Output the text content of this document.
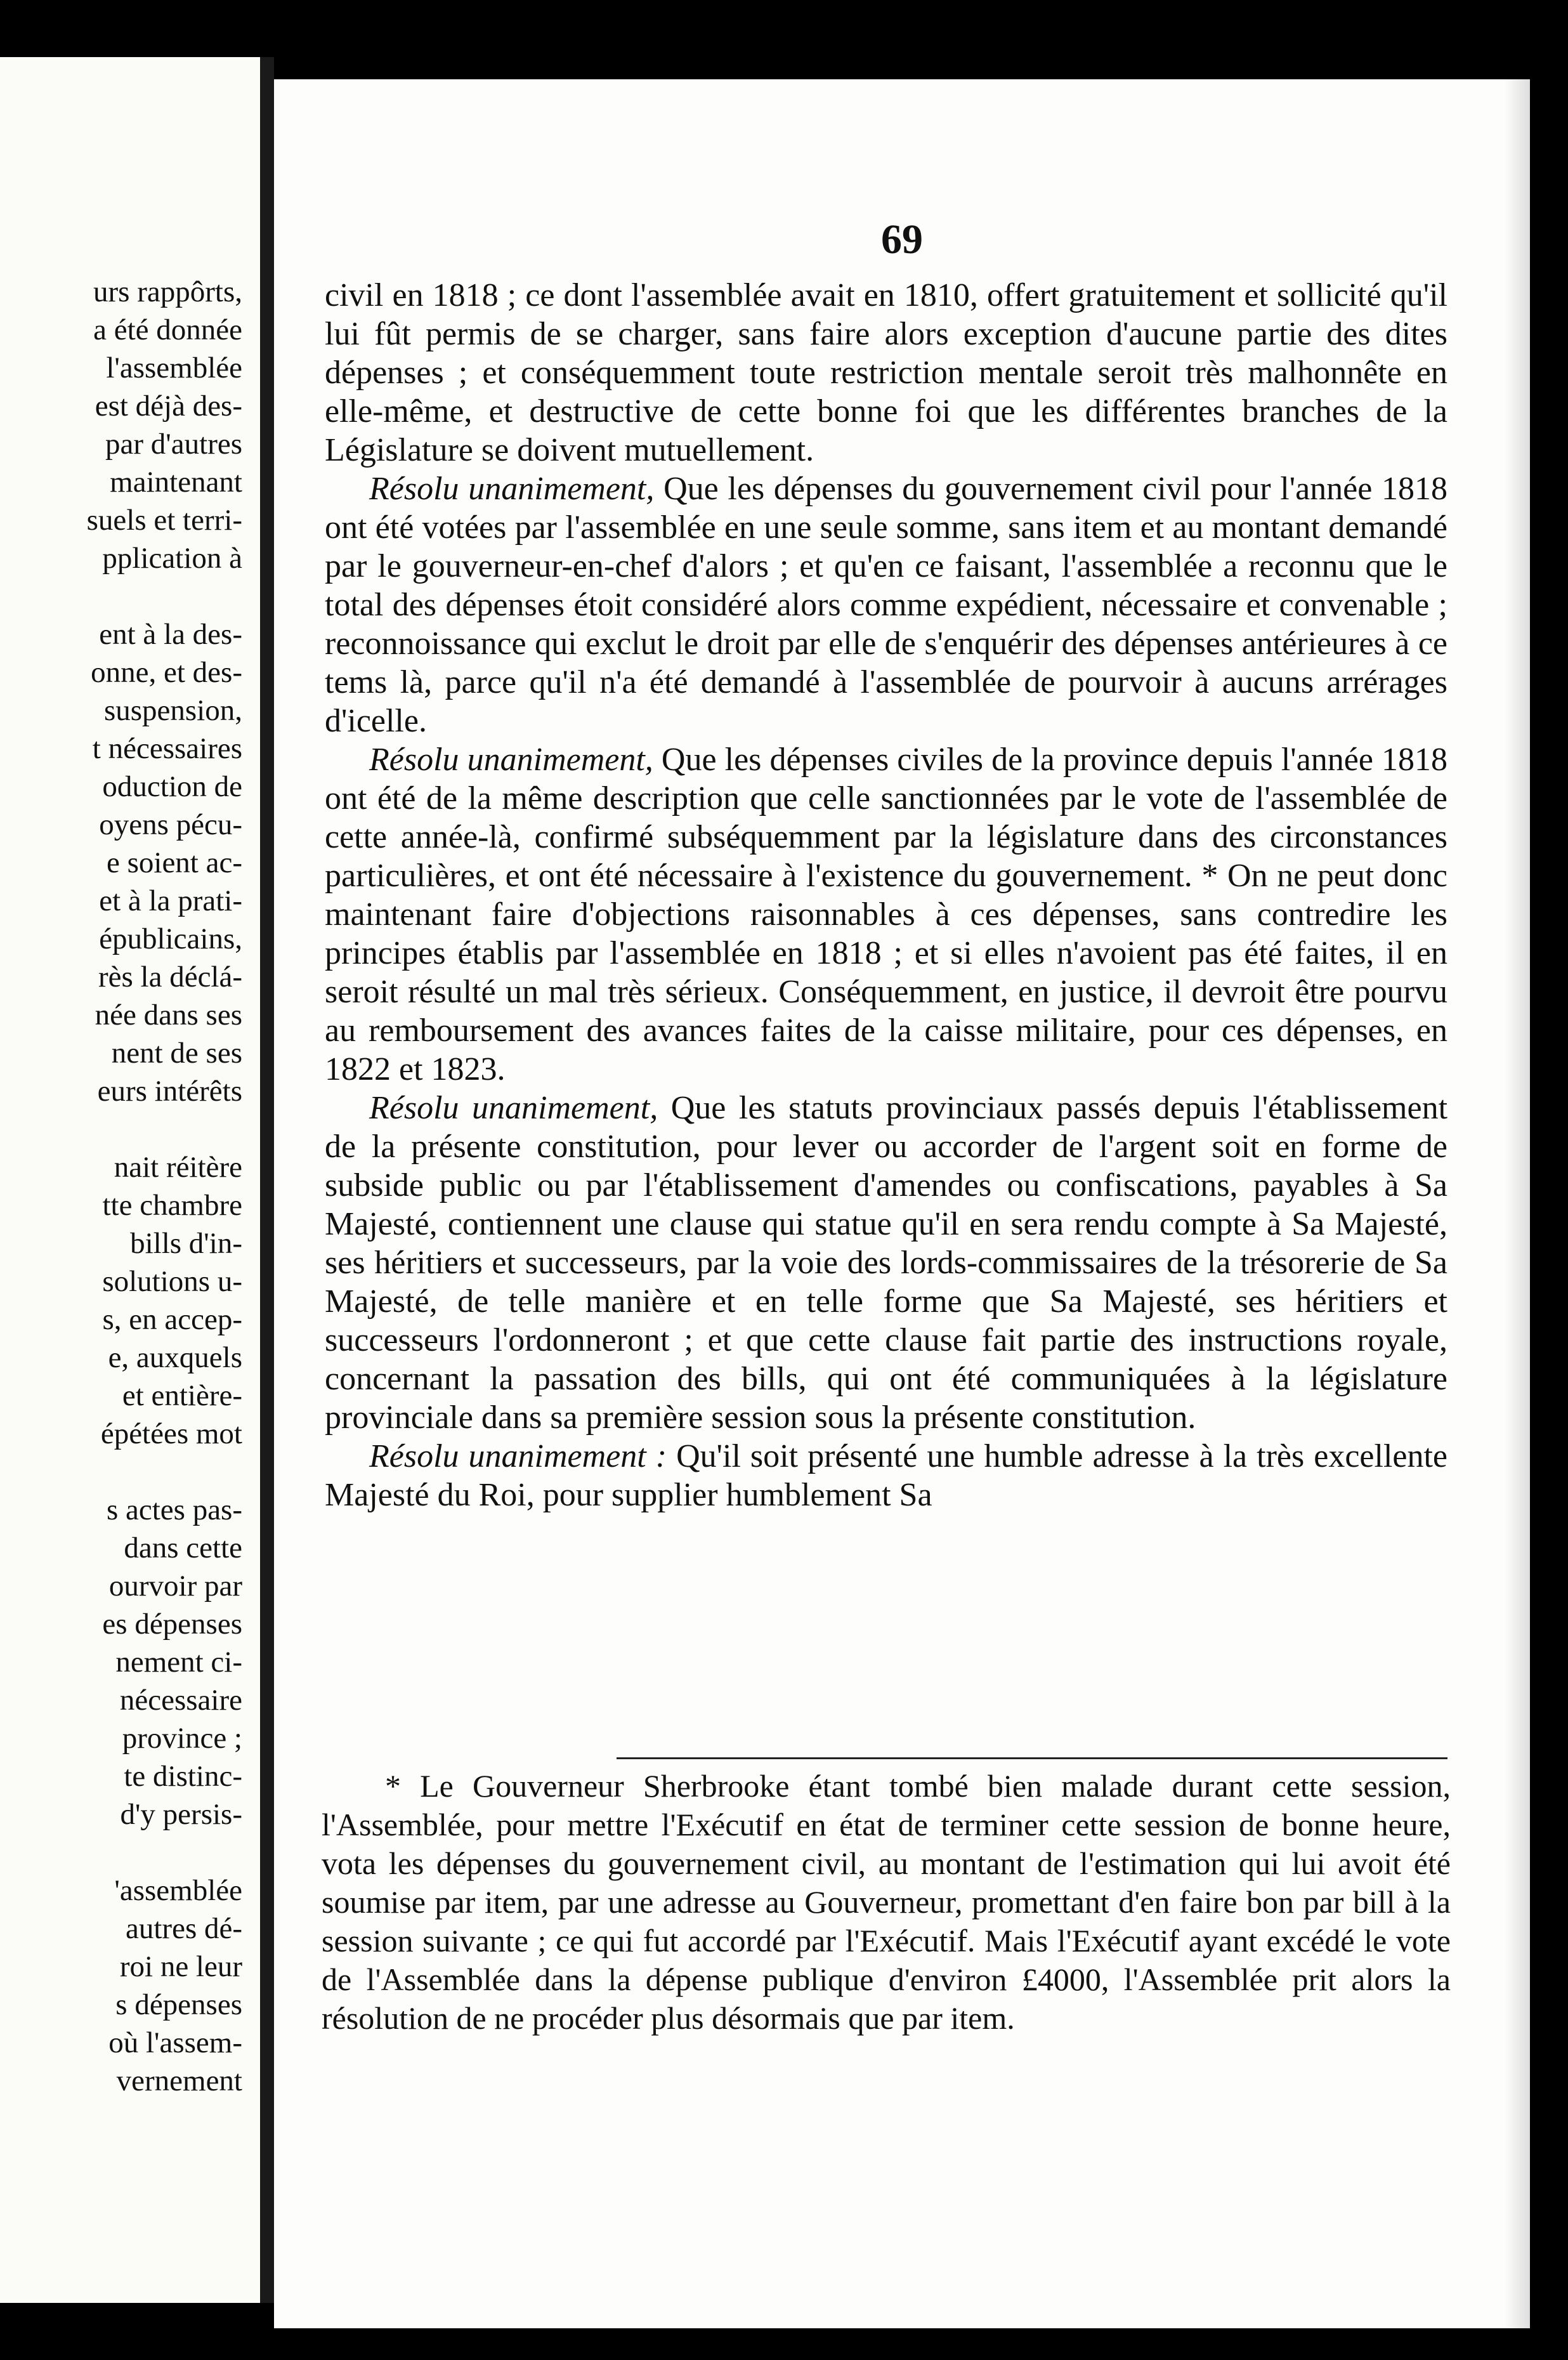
urs rappôrts,
a été donnée
l'assemblée
est déjà des-
par d'autres
maintenant
suels et terri-
pplication à
ent à la des-
onne, et des-
suspension,
t nécessaires
oduction de
oyens pécu-
e soient ac-
et à la prati-
épublicains,
rès la déclá-
née dans ses
nent de ses
eurs intérêts
nait réitère
tte chambre
bills d'in-
solutions u-
s, en accep-
e, auxquels
et entière-
épétées mot
s actes pas-
dans cette
ourvoir par
es dépenses
nement ci-
nécessaire
province ;
te distinc-
d'y persis-
'assemblée
autres dé-
roi ne leur
s dépenses
où l'assem-
vernement
69

civil en 1818 ; ce dont l'assemblée avait en 1810, offert gratuitement et sollicité qu'il lui fût permis de se charger, sans faire alors exception d'aucune partie des dites dépenses ; et conséquemment toute restriction mentale seroit très malhonnête en elle-même, et destructive de cette bonne foi que les différentes branches de la Législature se doivent mutuellement.

Résolu unanimement, Que les dépenses du gouvernement civil pour l'année 1818 ont été votées par l'assemblée en une seule somme, sans item et au montant demandé par le gouverneur-en-chef d'alors ; et qu'en ce faisant, l'assemblée a reconnu que le total des dépenses étoit considéré alors comme expédient, nécessaire et convenable ; reconnoissance qui exclut le droit par elle de s'enquérir des dépenses antérieures à ce tems là, parce qu'il n'a été demandé à l'assemblée de pourvoir à aucuns arrérages d'icelle.

Résolu unanimement, Que les dépenses civiles de la province depuis l'année 1818 ont été de la même description que celle sanctionnées par le vote de l'assemblée de cette année-là, confirmé subséquemment par la législature dans des circonstances particulières, et ont été nécessaire à l'existence du gouvernement. * On ne peut donc maintenant faire d'objections raisonnables à ces dépenses, sans contredire les principes établis par l'assemblée en 1818 ; et si elles n'avoient pas été faites, il en seroit résulté un mal très sérieux. Conséquemment, en justice, il devroit être pourvu au remboursement des avances faites de la caisse militaire, pour ces dépenses, en 1822 et 1823.

Résolu unanimement, Que les statuts provinciaux passés depuis l'établissement de la présente constitution, pour lever ou accorder de l'argent soit en forme de subside public ou par l'établissement d'amendes ou confiscations, payables à Sa Majesté, contiennent une clause qui statue qu'il en sera rendu compte à Sa Majesté, ses héritiers et successeurs, par la voie des lords-commissaires de la trésorerie de Sa Majesté, de telle manière et en telle forme que Sa Majesté, ses héritiers et successeurs l'ordonneront ; et que cette clause fait partie des instructions royale, concernant la passation des bills, qui ont été communiquées à la législature provinciale dans sa première session sous la présente constitution.

Résolu unanimement : Qu'il soit présenté une humble adresse à la très excellente Majesté du Roi, pour supplier humblement Sa

* Le Gouverneur Sherbrooke étant tombé bien malade durant cette session, l'Assemblée, pour mettre l'Exécutif en état de terminer cette session de bonne heure, vota les dépenses du gouvernement civil, au montant de l'estimation qui lui avoit été soumise par item, par une adresse au Gouverneur, promettant d'en faire bon par bill à la session suivante ; ce qui fut accordé par l'Exécutif. Mais l'Exécutif ayant excédé le vote de l'Assemblée dans la dépense publique d'environ £4000, l'Assemblée prit alors la résolution de ne procéder plus désormais que par item.
